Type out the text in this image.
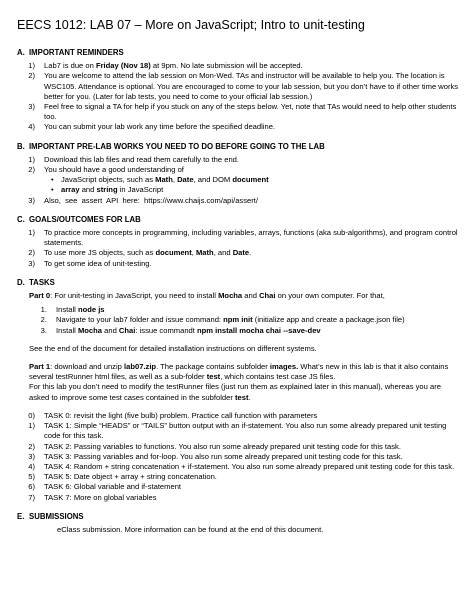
EECS 1012: LAB 07 – More on JavaScript; Intro to unit-testing
A. IMPORTANT REMINDERS
1)	Lab7 is due on Friday (Nov 18) at 9pm. No late submission will be accepted.
2)	You are welcome to attend the lab session on Mon-Wed. TAs and instructor will be available to help you. The location is WSC105. Attendance is optional. You are encouraged to come to your lab session, but you don’t have to if other time works better for you. (Later for lab tests, you need to come to your official lab session.)
3)	Feel free to signal a TA for help if you stuck on any of the steps below. Yet, note that TAs would need to help other students too.
4)	You can submit your lab work any time before the specified deadline.
B. IMPORTANT PRE-LAB WORKS YOU NEED TO DO BEFORE GOING TO THE LAB
1)	Download this lab files and read them carefully to the end.
2)	You should have a good understanding of
• JavaScript objects, such as Math, Date, and DOM document
• array and string in JavaScript
3)	Also,  see  assert  API  here:  https://www.chaijs.com/api/assert/
C. GOALS/OUTCOMES FOR LAB
1)	To practice more concepts in programming, including variables, arrays, functions (aka sub-algorithms), and program control statements.
2)	To use more JS objects, such as document, Math, and Date.
3)	To get some idea of unit-testing.
D. TASKS
Part 0: For unit-testing in JavaScript, you need to install Mocha and Chai on your own computer. For that,
1.	Install node js
2.	Navigate to your lab7 folder and issue command: npm init (initialize app and create a package.json file)
3.	Install Mocha and Chai: issue commandt npm install mocha chai --save-dev
See the end of the document for detailed installation instructions on different systems.
Part 1: download and unzip lab07.zip. The package contains subfolder images. What’s new in this lab is that it also contains several testRunner html files, as well as a sub-folder test, which contains test case JS files.
For this lab you don’t need to modify the testRunner files (just run them as explained later in this manual), whereas you are asked to improve some test cases contained in the subfolder test.
0)	TASK 0: revisit the light (five bulb) problem. Practice call function with parameters
1)	TASK 1: Simple “HEADS” or “TAILS” button output with an if-statement. You also run some already prepared unit testing code for this task.
2)	TASK 2: Passing variables to functions. You also run some already prepared unit testing code for this task.
3)	TASK 3: Passing variables and for-loop. You also run some already prepared unit testing code for this task.
4)	TASK 4: Random + string concatenation + if-statement. You also run some already prepared unit testing code for this task.
5)	TASK 5: Date object + array + string concatenation.
6)	TASK 6: Global variable and if-statement
7)	TASK 7: More on global variables
E. SUBMISSIONS
eClass submission. More information can be found at the end of this document.
